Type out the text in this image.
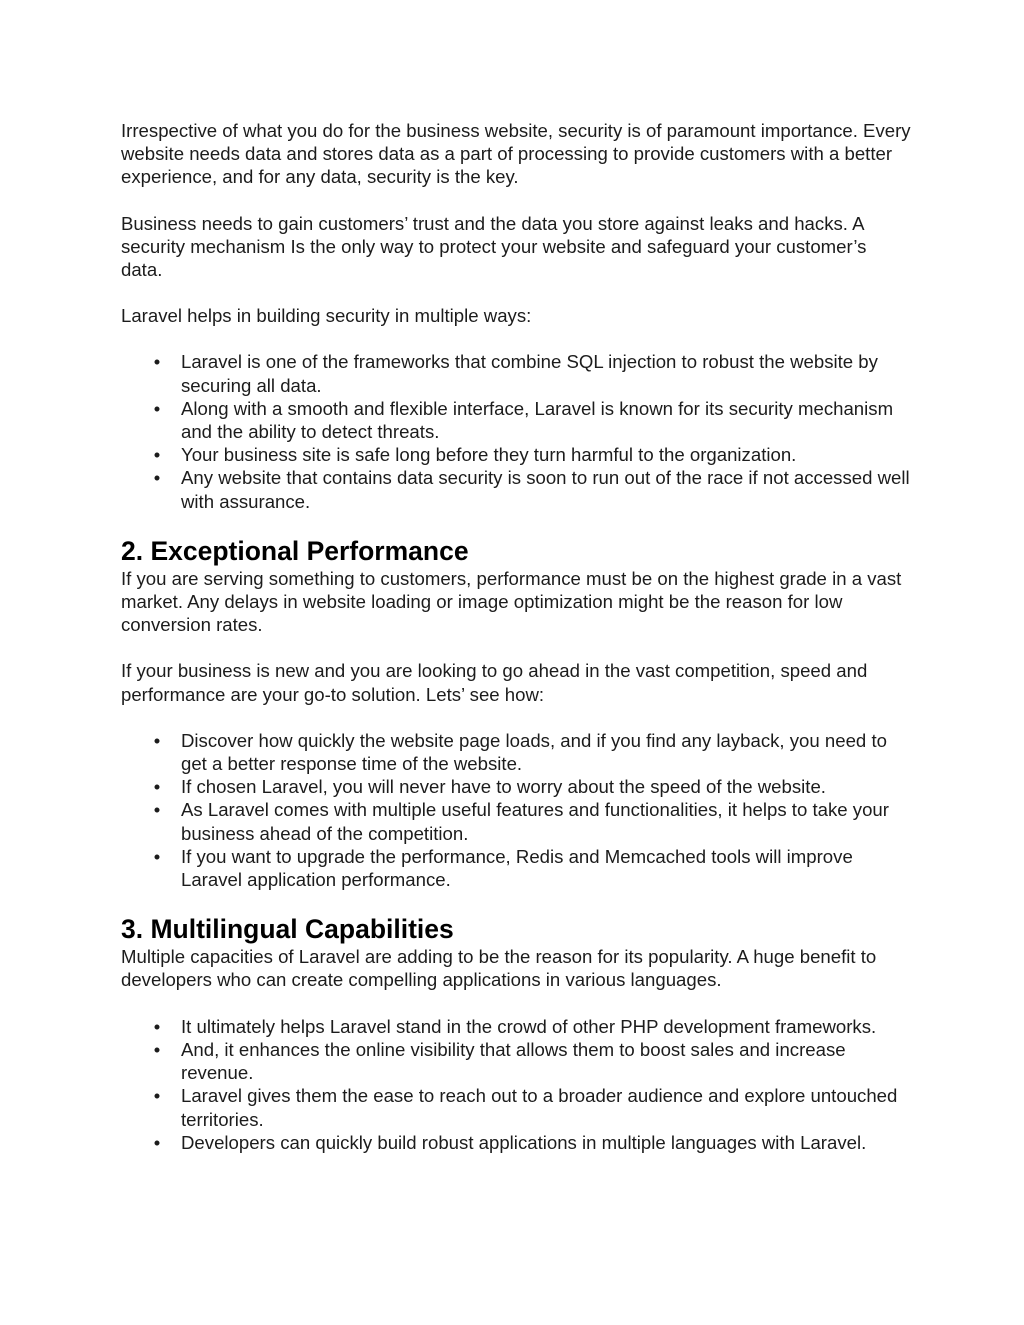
Irrespective of what you do for the business website, security is of paramount importance. Every website needs data and stores data as a part of processing to provide customers with a better experience, and for any data, security is the key.

Business needs to gain customers’ trust and the data you store against leaks and hacks. A security mechanism Is the only way to protect your website and safeguard your customer’s data.

Laravel helps in building security in multiple ways:

• Laravel is one of the frameworks that combine SQL injection to robust the website by securing all data.
• Along with a smooth and flexible interface, Laravel is known for its security mechanism and the ability to detect threats.
• Your business site is safe long before they turn harmful to the organization.
• Any website that contains data security is soon to run out of the race if not accessed well with assurance.
2. Exceptional Performance

If you are serving something to customers, performance must be on the highest grade in a vast market. Any delays in website loading or image optimization might be the reason for low conversion rates.

If your business is new and you are looking to go ahead in the vast competition, speed and performance are your go-to solution. Lets’ see how:

• Discover how quickly the website page loads, and if you find any layback, you need to get a better response time of the website.
• If chosen Laravel, you will never have to worry about the speed of the website.
• As Laravel comes with multiple useful features and functionalities, it helps to take your business ahead of the competition.
• If you want to upgrade the performance, Redis and Memcached tools will improve Laravel application performance.
3. Multilingual Capabilities

Multiple capacities of Laravel are adding to be the reason for its popularity. A huge benefit to developers who can create compelling applications in various languages.

• It ultimately helps Laravel stand in the crowd of other PHP development frameworks.
• And, it enhances the online visibility that allows them to boost sales and increase revenue.
• Laravel gives them the ease to reach out to a broader audience and explore untouched territories.
• Developers can quickly build robust applications in multiple languages with Laravel.
